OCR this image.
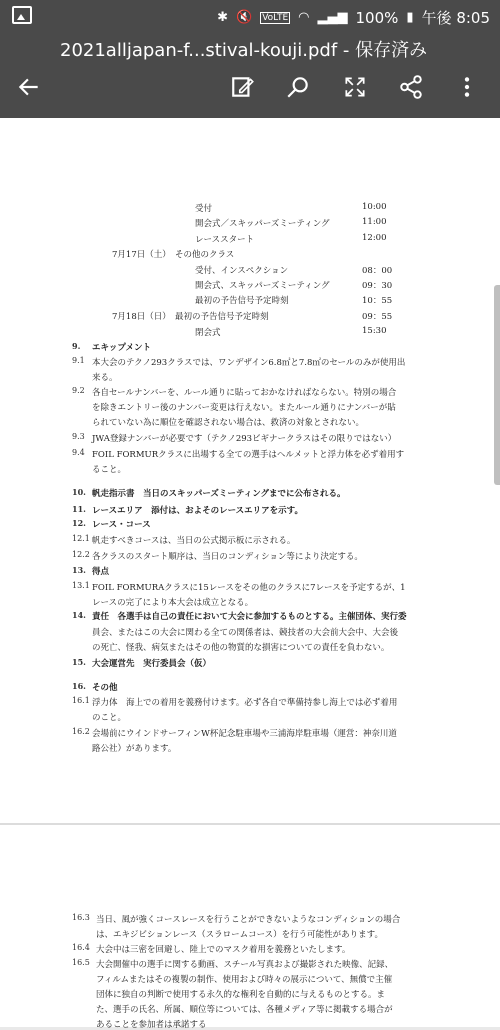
✱ 🔇 VoLTE ◠ ▂▄▆ 100% ▮ 午後 8:05
2021alljapan-f...stival-kouji.pdf - 保存済み
受付	10:00
開会式／スキッパーズミーティング	11:00
レーススタート	12:00
7月17日（土）　その他のクラス
受付、インスペクション	08：00
開会式、スキッパーズミーティング	09：30
最初の予告信号予定時刻	10：55
7月18日（日）　最初の予告信号予定時刻	09：55
閉会式	15:30
9. エキップメント
9.1 本大会のテクノ293クラスでは、ワンデザイン6.8㎡と7.8㎡のセールのみが使用出
来る。
9.2 各自セールナンバーを、ルール通りに貼っておかなければならない。特別の場合
を除きエントリー後のナンバー変更は行えない。またルール通りにナンバーが貼
られていない為に順位を確認されない場合は、救済の対象とされない。
9.3 JWA登録ナンバーが必要です（テクノ293ビギナークラスはその限りではない）
9.4 FOIL FORMURクラスに出場する全ての選手はヘルメットと浮力体を必ず着用す
ること。
10. 帆走指示書　当日のスキッパーズミーティングまでに公布される。
11. レースエリア　添付は、およそのレースエリアを示す。
12. レース・コース
12.1 帆走すべきコースは、当日の公式掲示板に示される。
12.2 各クラスのスタート順序は、当日のコンディション等により決定する。
13. 得点
13.1 FOIL FORMURAクラスに15レースをその他のクラスに7レースを予定するが、1
レースの完了により本大会は成立となる。
14. 責任　各選手は自己の責任において大会に参加するものとする。主催団体、実行委
員会、またはこの大会に関わる全ての関係者は、競技者の大会前大会中、大会後
の死亡、怪我、病気またはその他の物質的な損害についての責任を負わない。
15. 大会運営先　実行委員会（仮）
16. その他
16.1 浮力体　海上での着用を義務付けます。必ず各自で準備持参し海上では必ず着用
のこと。
16.2 会場前にウインドサーフィンW杯記念駐車場や三浦海岸駐車場（運営：神奈川道
路公社）があります。
16.3 当日、風が強くコースレースを行うことができないようなコンディションの場合
は、エキジビションレース（スラロームコース）を行う可能性があります。
16.4 大会中は三密を回避し、陸上でのマスク着用を義務といたします。
16.5 大会開催中の選手に関する動画、スチール写真および撮影された映像、記録、
フィルムまたはその複製の制作、使用および時々の展示について、無償で主催
団体に独自の判断で使用する永久的な権利を自動的に与えるものとする。ま
た、選手の氏名、所属、順位等については、各種メディア等に掲載する場合が
あることを参加者は承諾する
